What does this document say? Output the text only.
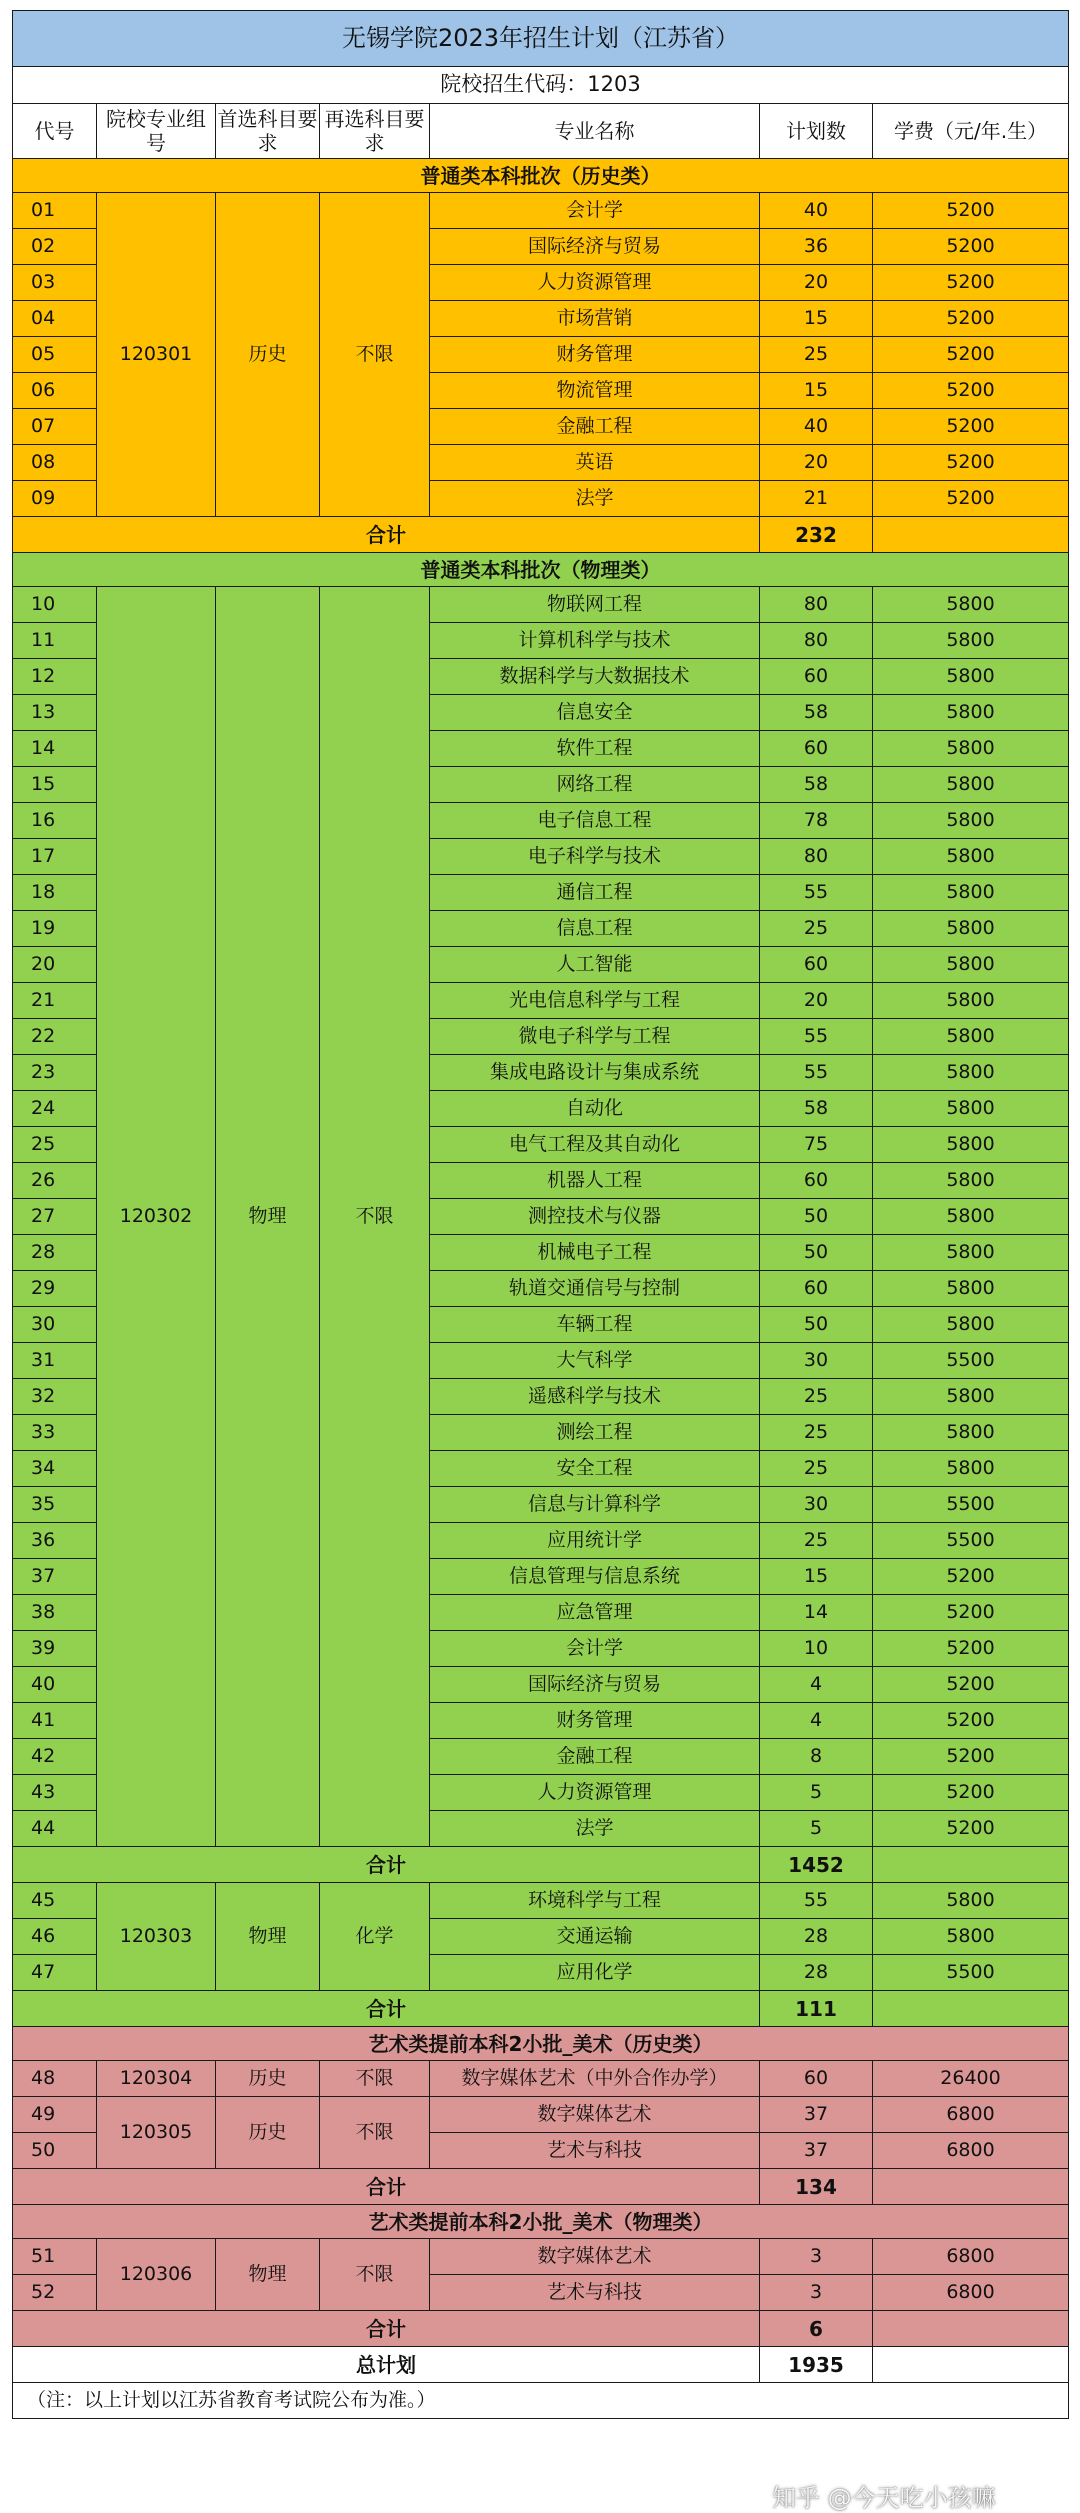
无锡学院2023年招生计划（江苏省）						
院校招生代码：1203						
代号	院校专业组号	首选科目要求	再选科目要求	专业名称	计划数	学费（元/年.生）
普通类本科批次（历史类）						
01	120301	历史	不限	会计学	40	5200
02				国际经济与贸易	36	5200
03				人力资源管理	20	5200
04				市场营销	15	5200
05				财务管理	25	5200
06				物流管理	15	5200
07				金融工程	40	5200
08				英语	20	5200
09				法学	21	5200
合计					232	
普通类本科批次（物理类）						
10	120302	物理	不限	物联网工程	80	5800
11				计算机科学与技术	80	5800
12				数据科学与大数据技术	60	5800
13				信息安全	58	5800
14				软件工程	60	5800
15				网络工程	58	5800
16				电子信息工程	78	5800
17				电子科学与技术	80	5800
18				通信工程	55	5800
19				信息工程	25	5800
20				人工智能	60	5800
21				光电信息科学与工程	20	5800
22				微电子科学与工程	55	5800
23				集成电路设计与集成系统	55	5800
24				自动化	58	5800
25				电气工程及其自动化	75	5800
26				机器人工程	60	5800
27				测控技术与仪器	50	5800
28				机械电子工程	50	5800
29				轨道交通信号与控制	60	5800
30				车辆工程	50	5800
31				大气科学	30	5500
32				遥感科学与技术	25	5800
33				测绘工程	25	5800
34				安全工程	25	5800
35				信息与计算科学	30	5500
36				应用统计学	25	5500
37				信息管理与信息系统	15	5200
38				应急管理	14	5200
39				会计学	10	5200
40				国际经济与贸易	4	5200
41				财务管理	4	5200
42				金融工程	8	5200
43				人力资源管理	5	5200
44				法学	5	5200
合计					1452	
45	120303	物理	化学	环境科学与工程	55	5800
46				交通运输	28	5800
47				应用化学	28	5500
合计					111	
艺术类提前本科2小批_美术（历史类）						
48	120304	历史	不限	数字媒体艺术（中外合作办学）	60	26400
49	120305	历史	不限	数字媒体艺术	37	6800
50				艺术与科技	37	6800
合计					134	
艺术类提前本科2小批_美术（物理类）						
51	120306	物理	不限	数字媒体艺术	3	6800
52				艺术与科技	3	6800
合计					6	
总计划					1935	
（注：以上计划以江苏省教育考试院公布为准。）						
知乎 @今天吃小孩嘛
